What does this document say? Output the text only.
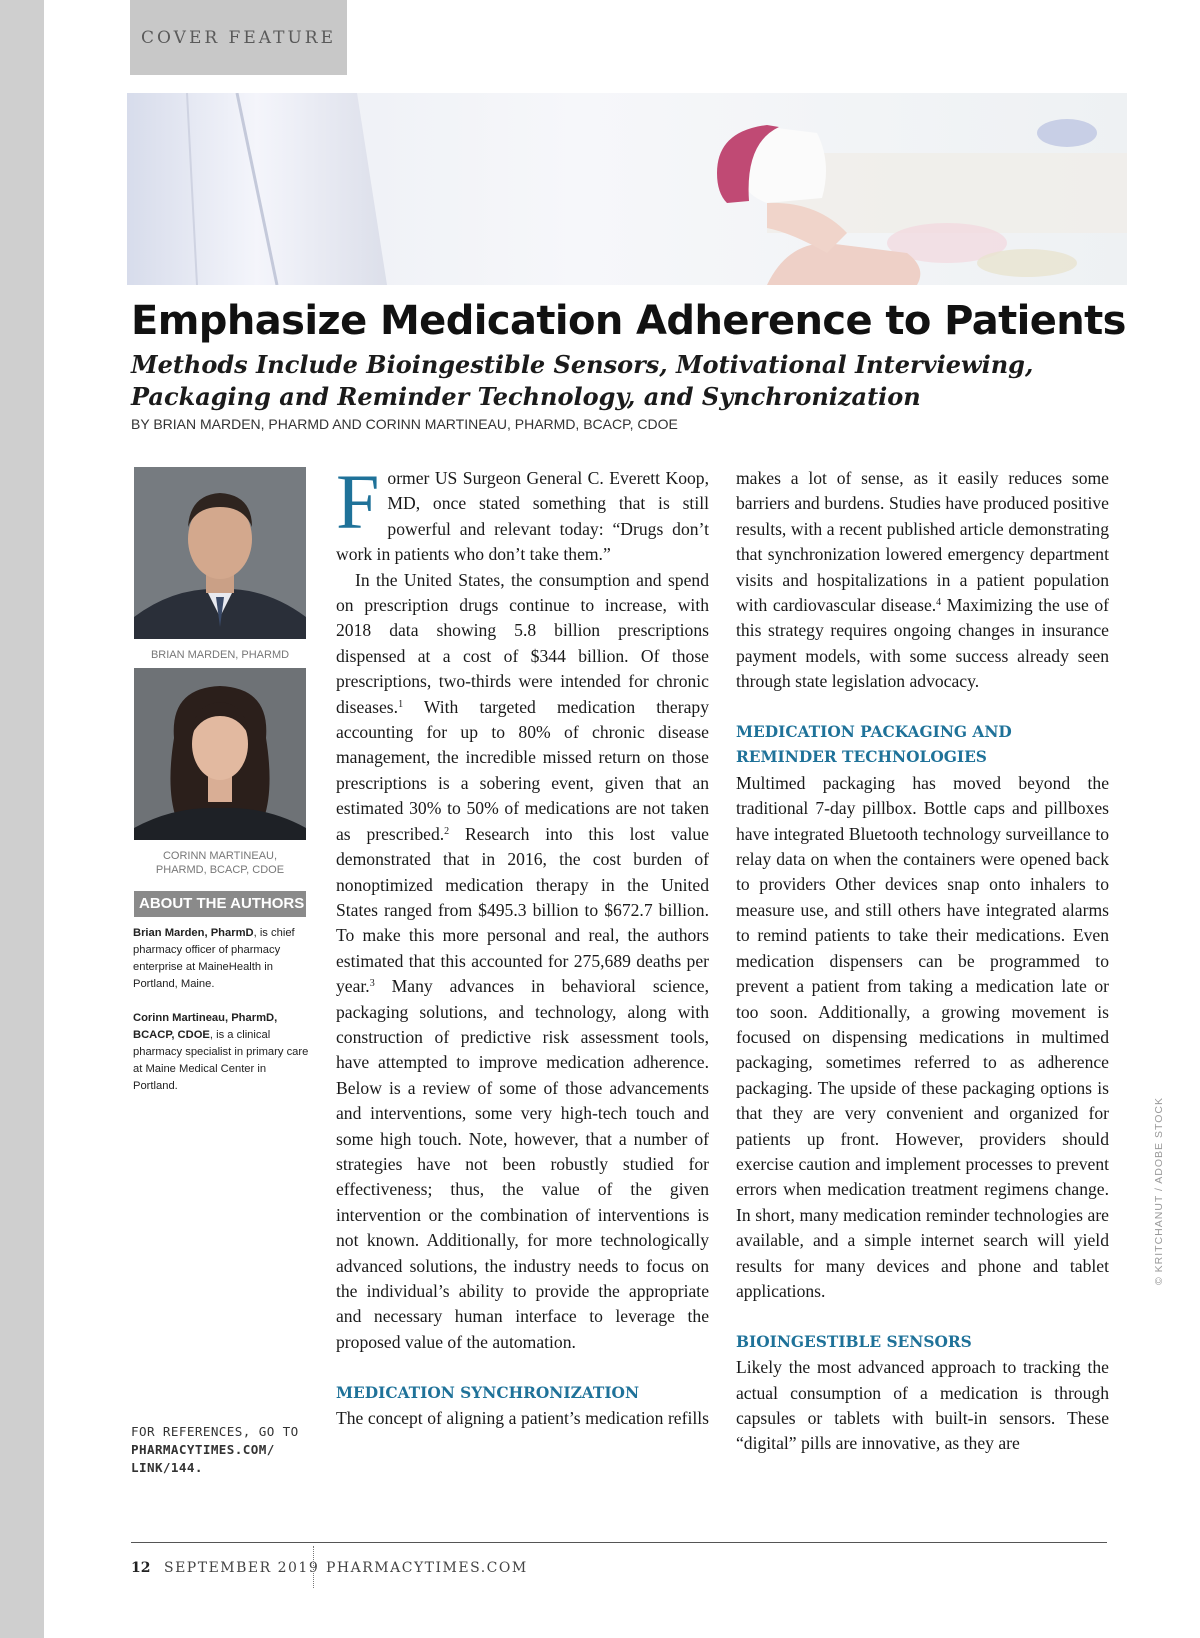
COVER FEATURE
Emphasize Medication Adherence to Patients
Methods Include Bioingestible Sensors, Motivational Interviewing,
Packaging and Reminder Technology, and Synchronization
BY BRIAN MARDEN, PHARMD AND CORINN MARTINEAU, PHARMD, BCACP, CDOE
BRIAN MARDEN, PHARMD
CORINN MARTINEAU,
PHARMD, BCACP, CDOE
ABOUT THE AUTHORS
Brian Marden, PharmD, is chief pharmacy officer of pharmacy enterprise at MaineHealth in Portland, Maine.
Corinn Martineau, PharmD, BCACP, CDOE, is a clinical pharmacy specialist in primary care at Maine Medical Center in Portland.
FOR REFERENCES, GO TO
PHARMACYTIMES.COM/
LINK/144.

Former US Surgeon General C. Everett Koop, MD, once stated something that is still powerful and relevant today: “Drugs don’t work in patients who don’t take them.”

In the United States, the consumption and spend on prescription drugs continue to increase, with 2018 data showing 5.8 billion prescriptions dispensed at a cost of $344 billion. Of those prescriptions, two-thirds were intended for chronic diseases.$^1$ With targeted medication therapy accounting for up to 80% of chronic disease management, the incredible missed return on those prescriptions is a sobering event, given that an estimated 30% to 50% of medications are not taken as prescribed.$^2$ Research into this lost value demonstrated that in 2016, the cost burden of nonoptimized medication therapy in the United States ranged from $495.3 billion to $672.7 billion. To make this more personal and real, the authors estimated that this accounted for 275,689 deaths per year.$^3$ Many advances in behavioral science, packaging solutions, and technology, along with construction of predictive risk assessment tools, have attempted to improve medication adherence. Below is a review of some of those advancements and interventions, some very high-tech touch and some high touch. Note, however, that a number of strategies have not been robustly studied for effectiveness; thus, the value of the given intervention or the combination of interventions is not known. Additionally, for more technologically advanced solutions, the industry needs to focus on the individual’s ability to provide the appropriate and necessary human interface to leverage the proposed value of the automation.

MEDICATION SYNCHRONIZATION

The concept of aligning a patient’s medication refills

makes a lot of sense, as it easily reduces some barriers and burdens. Studies have produced positive results, with a recent published article demonstrating that synchronization lowered emergency department visits and hospitalizations in a patient population with cardiovascular disease.$^4$ Maximizing the use of this strategy requires ongoing changes in insurance payment models, with some success already seen through state legislation advocacy.

MEDICATION PACKAGING AND REMINDER TECHNOLOGIES

Multimed packaging has moved beyond the traditional 7-day pillbox. Bottle caps and pillboxes have integrated Bluetooth technology surveillance to relay data on when the containers were opened back to providers Other devices snap onto inhalers to measure use, and still others have integrated alarms to remind patients to take their medications. Even medication dispensers can be programmed to prevent a patient from taking a medication late or too soon. Additionally, a growing movement is focused on dispensing medications in multimed packaging, sometimes referred to as adherence packaging. The upside of these packaging options is that they are very convenient and organized for patients up front. However, providers should exercise caution and implement processes to prevent errors when medication treatment regimens change. In short, many medication reminder technologies are available, and a simple internet search will yield results for many devices and phone and tablet applications.

BIOINGESTIBLE SENSORS

Likely the most advanced approach to tracking the actual consumption of a medication is through capsules or tablets with built-in sensors. These “digital” pills are innovative, as they are

© KRITCHANUT / ADOBE STOCK
12 SEPTEMBER 2019 PHARMACYTIMES.COM
